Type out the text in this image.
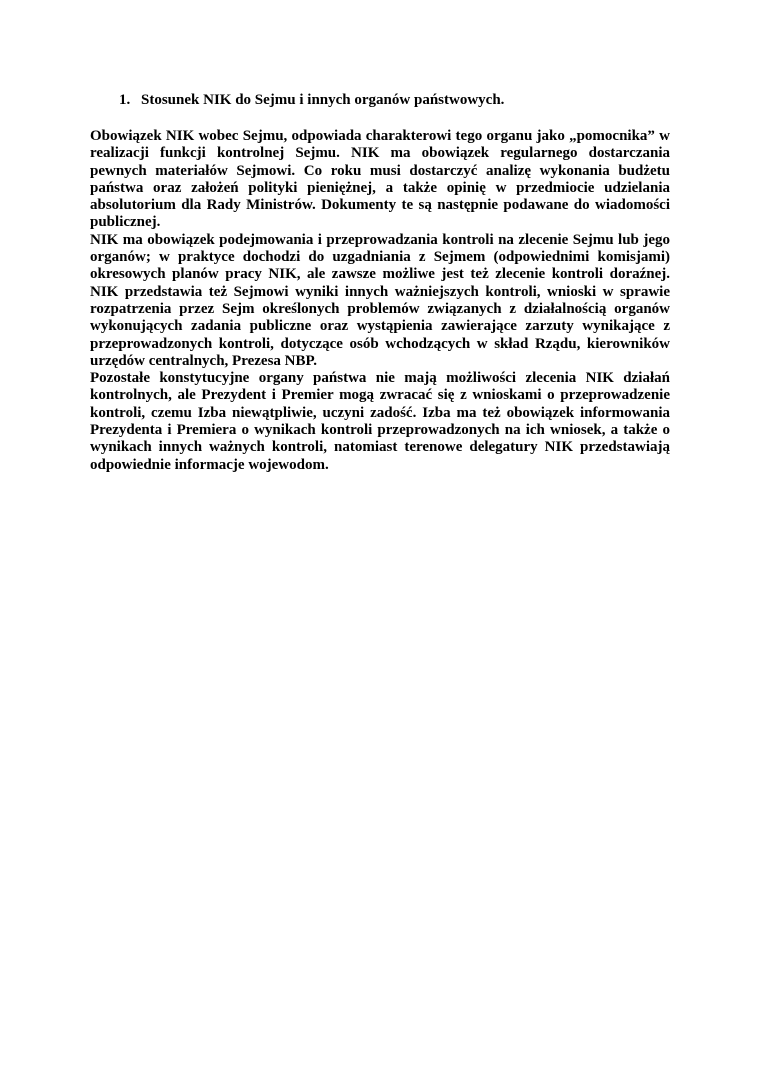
1. Stosunek NIK do Sejmu i innych organów państwowych.

Obowiązek NIK wobec Sejmu, odpowiada charakterowi tego organu jako „pomocnika” w realizacji funkcji kontrolnej Sejmu. NIK ma obowiązek regularnego dostarczania pewnych materiałów Sejmowi. Co roku musi dostarczyć analizę wykonania budżetu państwa oraz założeń polityki pieniężnej, a także opinię w przedmiocie udzielania absolutorium dla Rady Ministrów. Dokumenty te są następnie podawane do wiadomości publicznej.

NIK ma obowiązek podejmowania i przeprowadzania kontroli na zlecenie Sejmu lub jego organów; w praktyce dochodzi do uzgadniania z Sejmem (odpowiednimi komisjami) okresowych planów pracy NIK, ale zawsze możliwe jest też zlecenie kontroli doraźnej. NIK przedstawia też Sejmowi wyniki innych ważniejszych kontroli, wnioski w sprawie rozpatrzenia przez Sejm określonych problemów związanych z działalnością organów wykonujących zadania publiczne oraz wystąpienia zawierające zarzuty wynikające z przeprowadzonych kontroli, dotyczące osób wchodzących w skład Rządu, kierowników urzędów centralnych, Prezesa NBP.

Pozostałe konstytucyjne organy państwa nie mają możliwości zlecenia NIK działań kontrolnych, ale Prezydent i Premier mogą zwracać się z wnioskami o przeprowadzenie kontroli, czemu Izba niewątpliwie, uczyni zadość. Izba ma też obowiązek informowania Prezydenta i Premiera o wynikach kontroli przeprowadzonych na ich wniosek, a także o wynikach innych ważnych kontroli, natomiast terenowe delegatury NIK przedstawiają odpowiednie informacje wojewodom.
